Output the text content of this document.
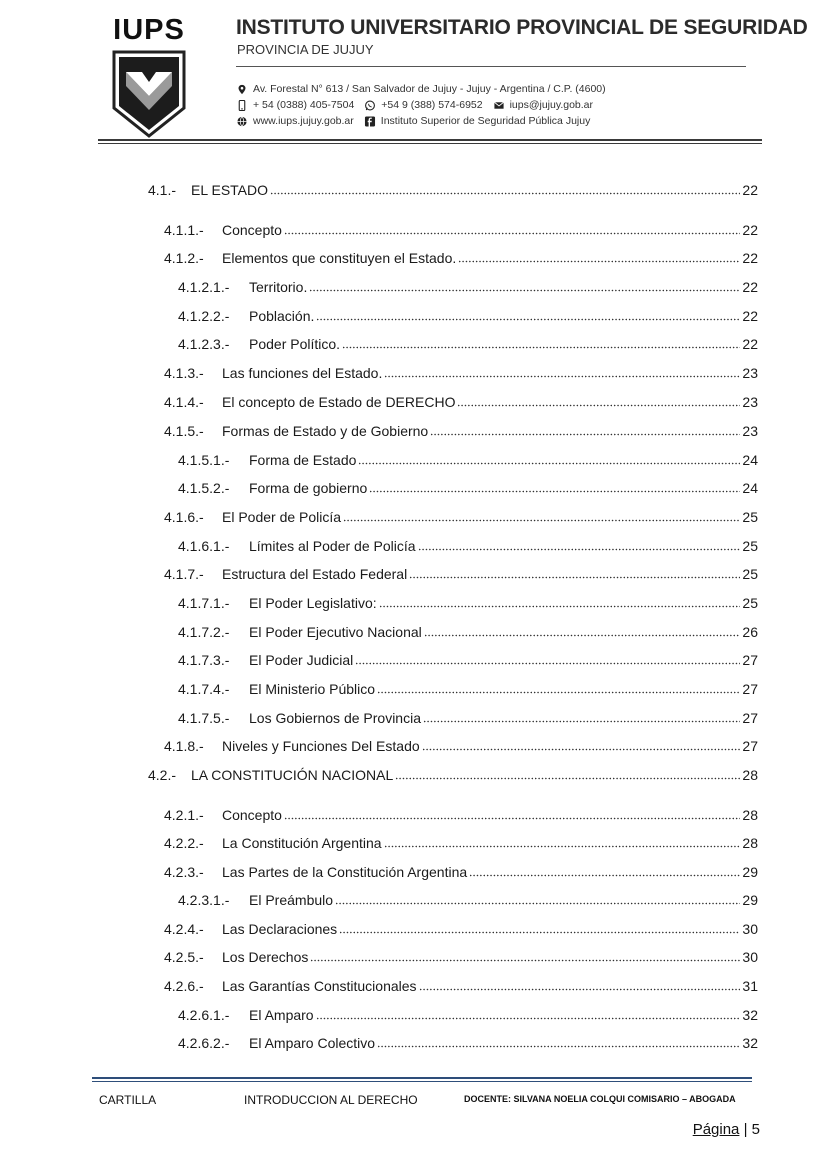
IUPS INSTITUTO UNIVERSITARIO PROVINCIAL DE SEGURIDAD
PROVINCIA DE JUJUY
Av. Forestal N° 613 / San Salvador de Jujuy - Jujuy - Argentina / C.P. (4600)
+ 54 (0388) 405-7504	+54 9 (388) 574-6952	iups@jujuy.gob.ar
www.iups.jujuy.gob.ar	Instituto Superior de Seguridad Pública Jujuy
4.1.-	EL ESTADO	22
4.1.1.-	Concepto	22
4.1.2.-	Elementos que constituyen el Estado.	22
4.1.2.1.-	Territorio.	22
4.1.2.2.-	Población.	22
4.1.2.3.-	Poder Político.	22
4.1.3.-	Las funciones del Estado.	23
4.1.4.-	El concepto de Estado de DERECHO	23
4.1.5.-	Formas de Estado y de Gobierno	23
4.1.5.1.-	Forma de Estado	24
4.1.5.2.-	Forma de gobierno	24
4.1.6.-	El Poder de Policía	25
4.1.6.1.-	Límites al Poder de Policía	25
4.1.7.-	Estructura del Estado Federal	25
4.1.7.1.-	El Poder Legislativo:	25
4.1.7.2.-	El Poder Ejecutivo Nacional	26
4.1.7.3.-	El Poder Judicial	27
4.1.7.4.-	El Ministerio Público	27
4.1.7.5.-	Los Gobiernos de Provincia	27
4.1.8.-	Niveles y Funciones Del Estado	27
4.2.-	LA CONSTITUCIÓN NACIONAL	28
4.2.1.-	Concepto	28
4.2.2.-	La Constitución Argentina	28
4.2.3.-	Las Partes de la Constitución Argentina	29
4.2.3.1.-	El Preámbulo	29
4.2.4.-	Las Declaraciones	30
4.2.5.-	Los Derechos	30
4.2.6.-	Las Garantías Constitucionales	31
4.2.6.1.-	El Amparo	32
4.2.6.2.-	El Amparo Colectivo	32
CARTILLA	INTRODUCCION AL DERECHO	DOCENTE: SILVANA NOELIA COLQUI COMISARIO – ABOGADA
Página | 5
